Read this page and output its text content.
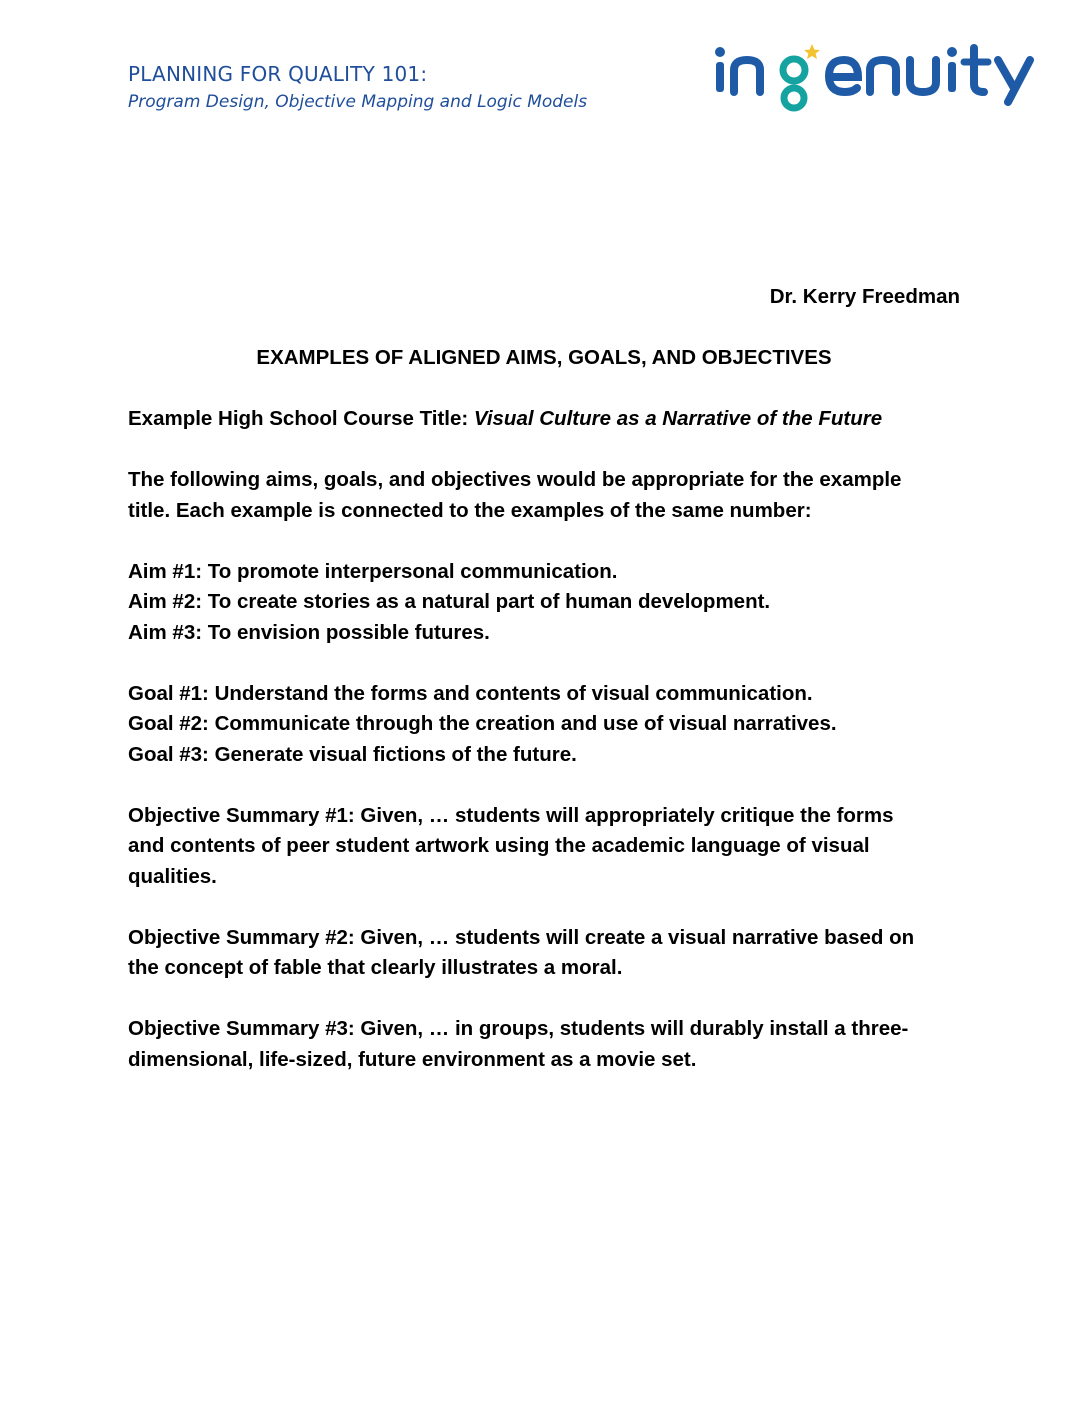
PLANNING FOR QUALITY 101:
Program Design, Objective Mapping and Logic Models

Dr. Kerry Freedman

EXAMPLES OF ALIGNED AIMS, GOALS, AND OBJECTIVES

Example High School Course Title: Visual Culture as a Narrative of the Future

The following aims, goals, and objectives would be appropriate for the example

title. Each example is connected to the examples of the same number:

Aim #1: To promote interpersonal communication.

Aim #2: To create stories as a natural part of human development.

Aim #3: To envision possible futures.

Goal #1: Understand the forms and contents of visual communication.

Goal #2: Communicate through the creation and use of visual narratives.

Goal #3: Generate visual fictions of the future.

Objective Summary #1: Given, … students will appropriately critique the forms

and contents of peer student artwork using the academic language of visual

qualities.

Objective Summary #2: Given, … students will create a visual narrative based on

the concept of fable that clearly illustrates a moral.

Objective Summary #3: Given, … in groups, students will durably install a three-

dimensional, life-sized, future environment as a movie set.
